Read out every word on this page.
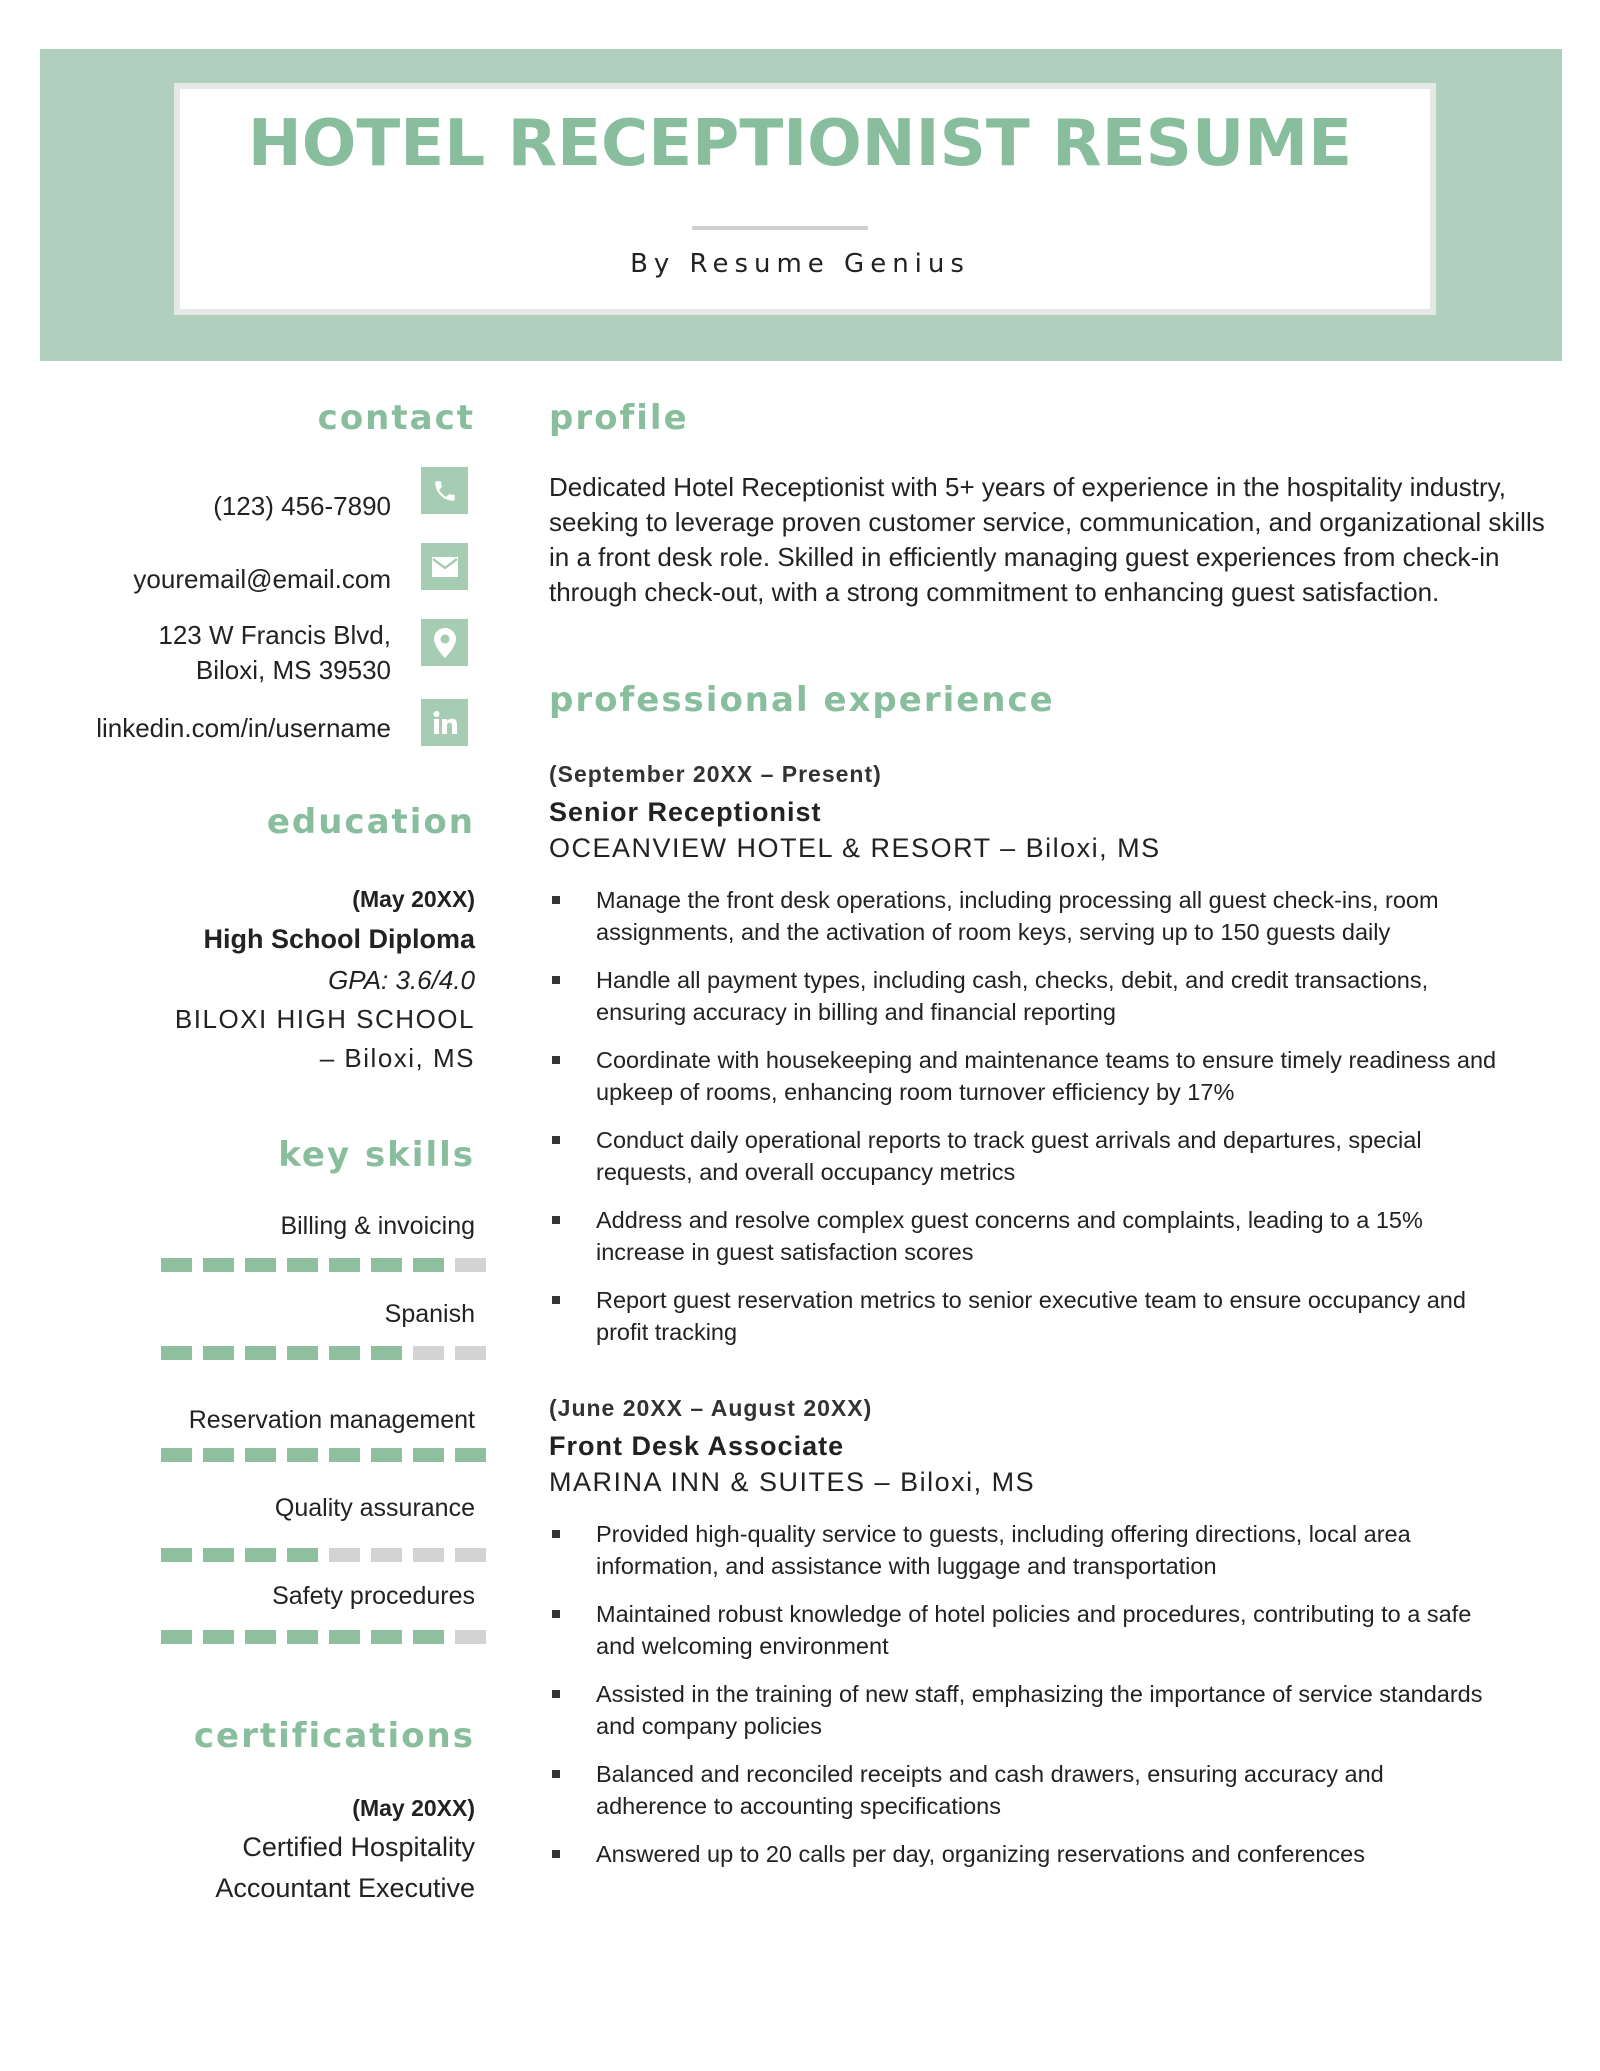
HOTEL RECEPTIONIST RESUME
By Resume Genius
contact
(123) 456-7890
youremail@email.com
123 W Francis Blvd,
Biloxi, MS 39530
linkedin.com/in/username
education
(May 20XX)
High School Diploma
GPA: 3.6/4.0
BILOXI HIGH SCHOOL
– Biloxi, MS
key skills
Billing & invoicing
Spanish
Reservation management
Quality assurance
Safety procedures
certifications
(May 20XX)
Certified Hospitality
Accountant Executive
profile
Dedicated Hotel Receptionist with 5+ years of experience in the hospitality industry, seeking to leverage proven customer service, communication, and organizational skills in a front desk role. Skilled in efficiently managing guest experiences from check-in through check-out, with a strong commitment to enhancing guest satisfaction.
professional experience
(September 20XX – Present)
Senior Receptionist
OCEANVIEW HOTEL & RESORT – Biloxi, MS
Manage the front desk operations, including processing all guest check-ins, room assignments, and the activation of room keys, serving up to 150 guests daily
Handle all payment types, including cash, checks, debit, and credit transactions, ensuring accuracy in billing and financial reporting
Coordinate with housekeeping and maintenance teams to ensure timely readiness and upkeep of rooms, enhancing room turnover efficiency by 17%
Conduct daily operational reports to track guest arrivals and departures, special requests, and overall occupancy metrics
Address and resolve complex guest concerns and complaints, leading to a 15% increase in guest satisfaction scores
Report guest reservation metrics to senior executive team to ensure occupancy and profit tracking
(June 20XX – August 20XX)
Front Desk Associate
MARINA INN & SUITES – Biloxi, MS
Provided high-quality service to guests, including offering directions, local area information, and assistance with luggage and transportation
Maintained robust knowledge of hotel policies and procedures, contributing to a safe and welcoming environment
Assisted in the training of new staff, emphasizing the importance of service standards and company policies
Balanced and reconciled receipts and cash drawers, ensuring accuracy and adherence to accounting specifications
Answered up to 20 calls per day, organizing reservations and conferences
